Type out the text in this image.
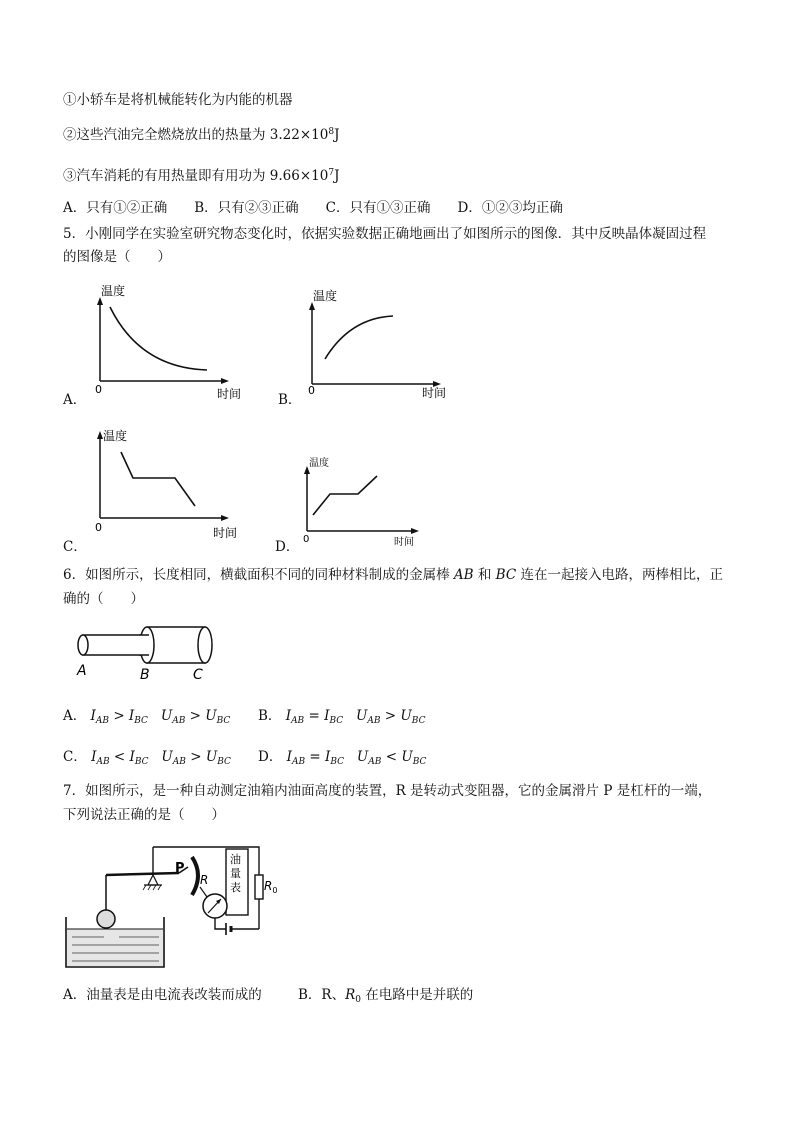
①小轿车是将机械能转化为内能的机器
②这些汽油完全燃烧放出的热量为 $3.22\times 10^8J$
③汽车消耗的有用热量即有用功为 $9.66\times 10^7J$
A．只有①②正确　　B．只有②③正确　　C．只有①③正确　　D．①②③均正确
5．小刚同学在实验室研究物态变化时，依据实验数据正确地画出了如图所示的图像．其中反映晶体凝固过程
的图像是（　　）
温度
0	时间
A．
温度
0	时间
B．
温度
0	时间
C．
温度
0	时间
D．
6．如图所示，长度相同，横截面积不同的同种材料制成的金属棒 AB 和 BC 连在一起接入电路，两棒相比，正
确的（　　）
A	B	C
A． $I_{AB} > I_{BC}$ $U_{AB} > U_{BC}$ B． $I_{AB} = I_{BC}$ $U_{AB} > U_{BC}$
C． $I_{AB} < I_{BC}$ $U_{AB} > U_{BC}$ D． $I_{AB} = I_{BC}$ $U_{AB} < U_{BC}$
7．如图所示，是一种自动测定油箱内油面高度的装置，R 是转动式变阻器，它的金属滑片 P 是杠杆的一端，
下列说法正确的是（　　）
P
R
油
量
表 $R_0$
A．油量表是由电流表改装而成的	B．R、$R_0$ 在电路中是并联的
